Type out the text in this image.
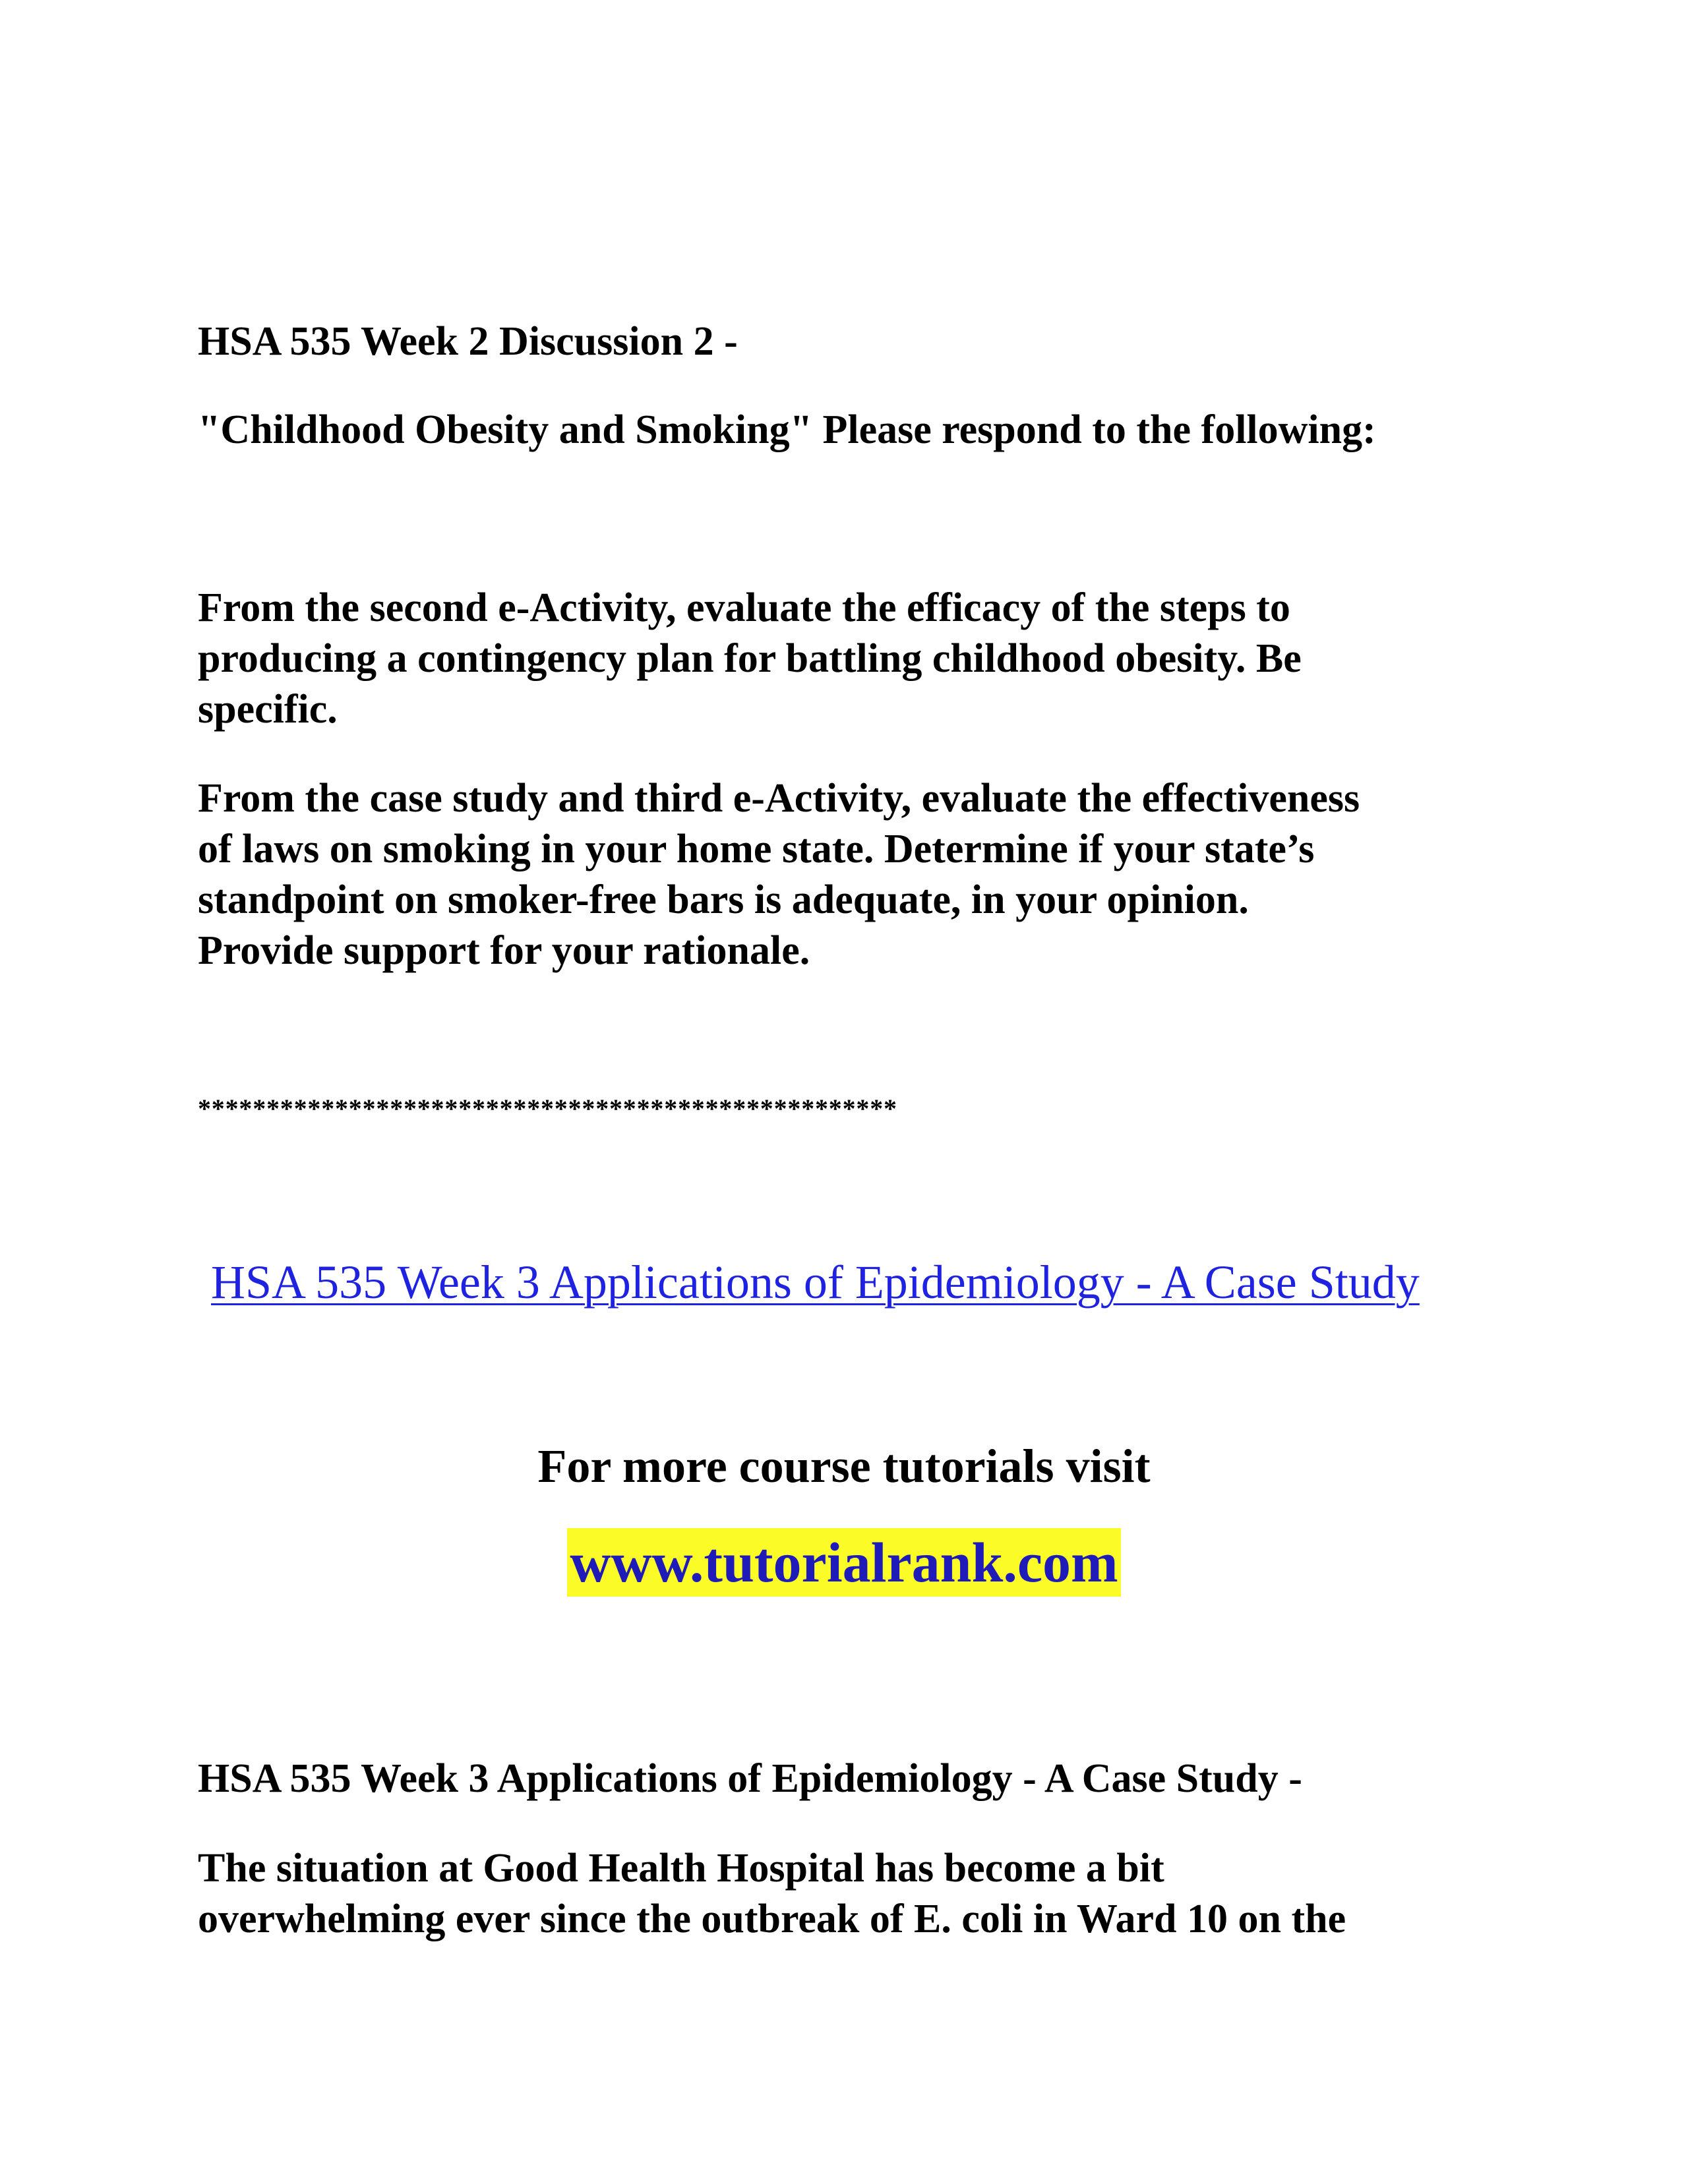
HSA 535 Week 2 Discussion 2 -
"Childhood Obesity and Smoking" Please respond to the following:
From the second e-Activity, evaluate the efficacy of the steps to
producing a contingency plan for battling childhood obesity. Be
specific.
From the case study and third e-Activity, evaluate the effectiveness
of laws on smoking in your home state. Determine if your state’s
standpoint on smoker-free bars is adequate, in your opinion.
Provide support for your rationale.
***************************************************
HSA 535 Week 3 Applications of Epidemiology - A Case Study
For more course tutorials visit
www.tutorialrank.com
HSA 535 Week 3 Applications of Epidemiology - A Case Study -
The situation at Good Health Hospital has become a bit
overwhelming ever since the outbreak of E. coli in Ward 10 on the
